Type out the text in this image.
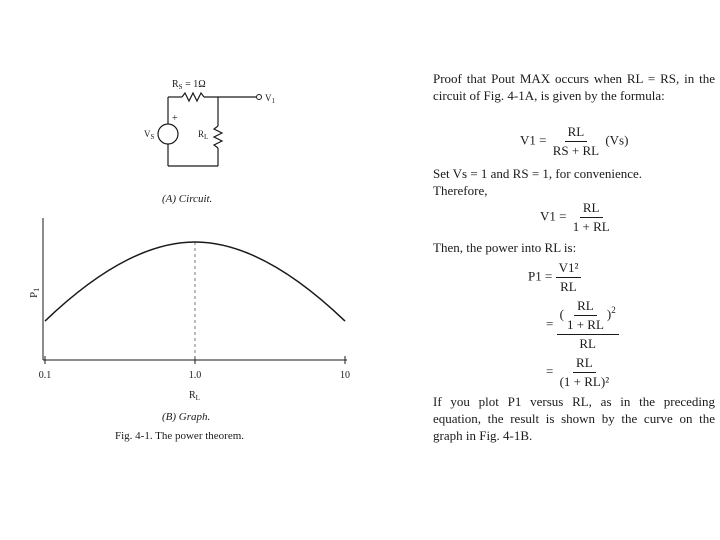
$R_S = 1\Omega$
$V_1$
+
$V_S$	$R_L$
(A) Circuit.
P1
0.1	1.0	10
$R_L$
(B) Graph.
Fig. 4-1. The power theorem.
Proof that Pout MAX occurs when RL = RS, in the circuit of Fig. 4-1A, is given by the formula:
$V1 = \frac{RL}{RS + RL} (Vs)$
Set Vs = 1 and RS = 1, for convenience.
Therefore,
$V1 = \frac{RL}{1 + RL}$
Then, the power into RL is:
$P1 = \frac{\text{V1²}}{RL}$
= $\frac{( \frac{RL}{1 + RL} )^2}{RL}$
= $\frac{RL}{\text{(1 + RL)²}}$
If you plot P1 versus RL, as in the preceding equation, the result is shown by the curve on the graph in Fig. 4-1B.
